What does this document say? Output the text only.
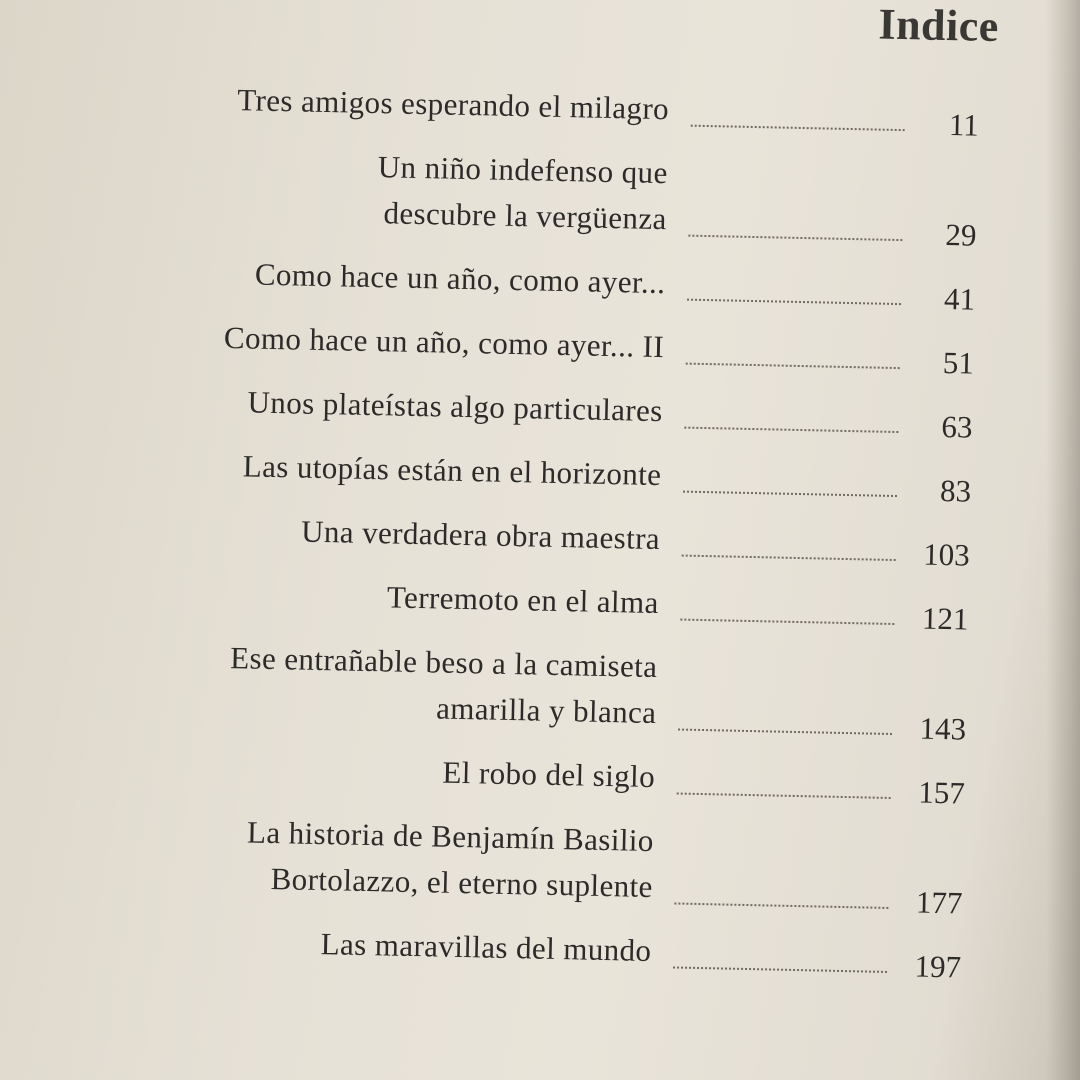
Indice
Tres amigos esperando el milagro	11
Un niño indefenso que
descubre la vergüenza	29
Como hace un año, como ayer...	41
Como hace un año, como ayer... II	51
Unos plateístas algo particulares	63
Las utopías están en el horizonte	83
Una verdadera obra maestra	103
Terremoto en el alma	121
Ese entrañable beso a la camiseta
amarilla y blanca	143
El robo del siglo	157
La historia de Benjamín Basilio
Bortolazzo, el eterno suplente	177
Las maravillas del mundo	197
